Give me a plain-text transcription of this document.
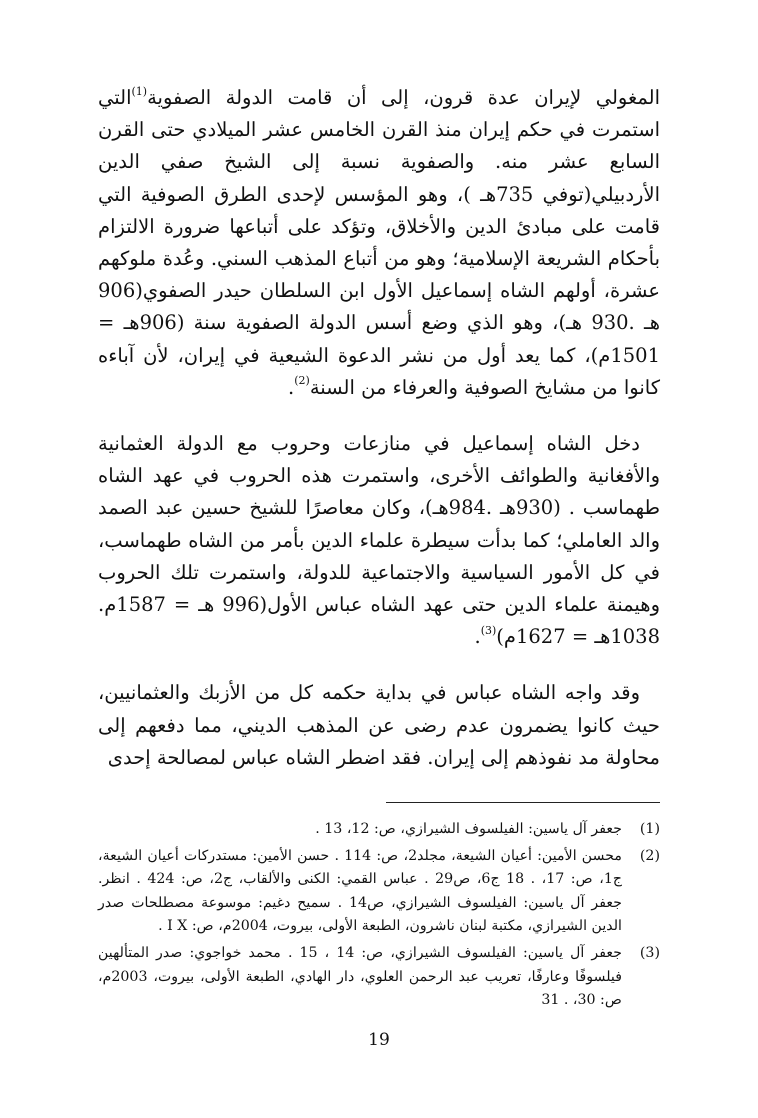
المغولي لإيران عدة قرون، إلى أن قامت الدولة الصفوية$^{(1)}$التي استمرت في حكم إيران منذ القرن الخامس عشر الميلادي حتى القرن السابع عشر منه. والصفوية نسبة إلى الشيخ صفي الدين الأردبيلي(توفي 735هـ )، وهو المؤسس لإحدى الطرق الصوفية التي قامت على مبادئ الدين والأخلاق، وتؤكد على أتباعها ضرورة الالتزام بأحكام الشريعة الإسلامية؛ وهو من أتباع المذهب السني. وعُدة ملوكهم عشرة، أولهم الشاه إسماعيل الأول ابن السلطان حيدر الصفوي(906 هـ .930 هـ)، وهو الذي وضع أسس الدولة الصفوية سنة (906هـ = 1501م)، كما يعد أول من نشر الدعوة الشيعية في إيران، لأن آباءه كانوا من مشايخ الصوفية والعرفاء من السنة$^{(2)}$.

دخل الشاه إسماعيل في منازعات وحروب مع الدولة العثمانية والأفغانية والطوائف الأخرى، واستمرت هذه الحروب في عهد الشاه طهماسب . (930هـ .984هـ)، وكان معاصرًا للشيخ حسين عبد الصمد والد العاملي؛ كما بدأت سيطرة علماء الدين بأمر من الشاه طهماسب، في كل الأمور السياسية والاجتماعية للدولة، واستمرت تلك الحروب وهيمنة علماء الدين حتى عهد الشاه عباس الأول(996 هـ = 1587م. 1038هـ = 1627م)$^{(3)}$.

وقد واجه الشاه عباس في بداية حكمه كل من الأزبك والعثمانيين، حيث كانوا يضمرون عدم رضى عن المذهب الديني، مما دفعهم إلى محاولة مد نفوذهم إلى إيران. فقد اضطر الشاه عباس لمصالحة إحدى

(1)
جعفر آل ياسين: الفيلسوف الشيرازي، ص: 12، 13 .
(2)
محسن الأمين: أعيان الشيعة، مجلد2، ص: 114 . حسن الأمين: مستدركات أعيان الشيعة، ج1، ص: 17، . 18 ج6، ص29 . عباس القمي: الكنى والألقاب، ج2، ص: 424 . انظر. جعفر آل ياسين: الفيلسوف الشيرازي، ص14 . سميح دغيم: موسوعة مصطلحات صدر الدين الشيرازي، مكتبة لبنان ناشرون، الطبعة الأولى، بيروت، 2004م، ص: I X .
(3)
جعفر آل ياسين: الفيلسوف الشيرازي، ص: 14 ، 15 . محمد خواجوي: صدر المتألهين فيلسوفًا وعارفًا، تعريب عبد الرحمن العلوي، دار الهادي، الطبعة الأولى، بيروت، 2003م، ص: 30، . 31
19
